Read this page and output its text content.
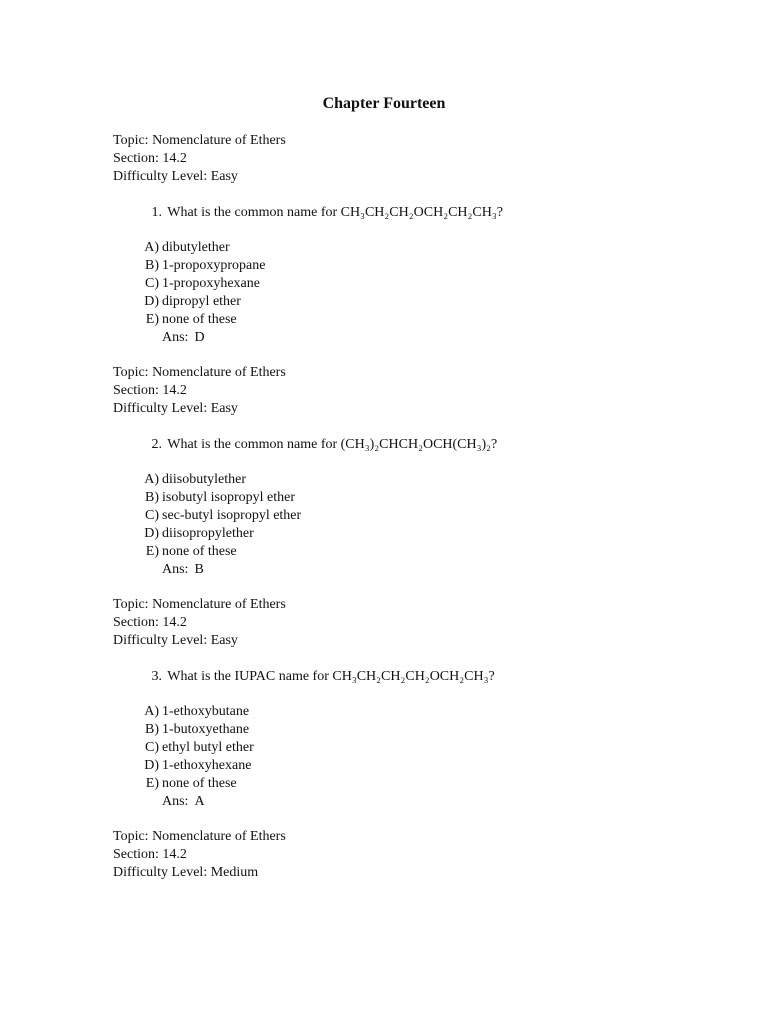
Chapter Fourteen
Topic: Nomenclature of Ethers
Section: 14.2
Difficulty Level: Easy
1. What is the common name for CH₃CH₂CH₂OCH₂CH₂CH₃?
A) dibutylether
B) 1-propoxypropane
C) 1-propoxyhexane
D) dipropyl ether
E) none of these
Ans: D
Topic: Nomenclature of Ethers
Section: 14.2
Difficulty Level: Easy
2. What is the common name for (CH₃)₂CHCH₂OCH(CH₃)₂?
A) diisobutylether
B) isobutyl isopropyl ether
C) sec-butyl isopropyl ether
D) diisopropylether
E) none of these
Ans: B
Topic: Nomenclature of Ethers
Section: 14.2
Difficulty Level: Easy
3. What is the IUPAC name for CH₃CH₂CH₂CH₂OCH₂CH₃?
A) 1-ethoxybutane
B) 1-butoxyethane
C) ethyl butyl ether
D) 1-ethoxyhexane
E) none of these
Ans: A
Topic: Nomenclature of Ethers
Section: 14.2
Difficulty Level: Medium
